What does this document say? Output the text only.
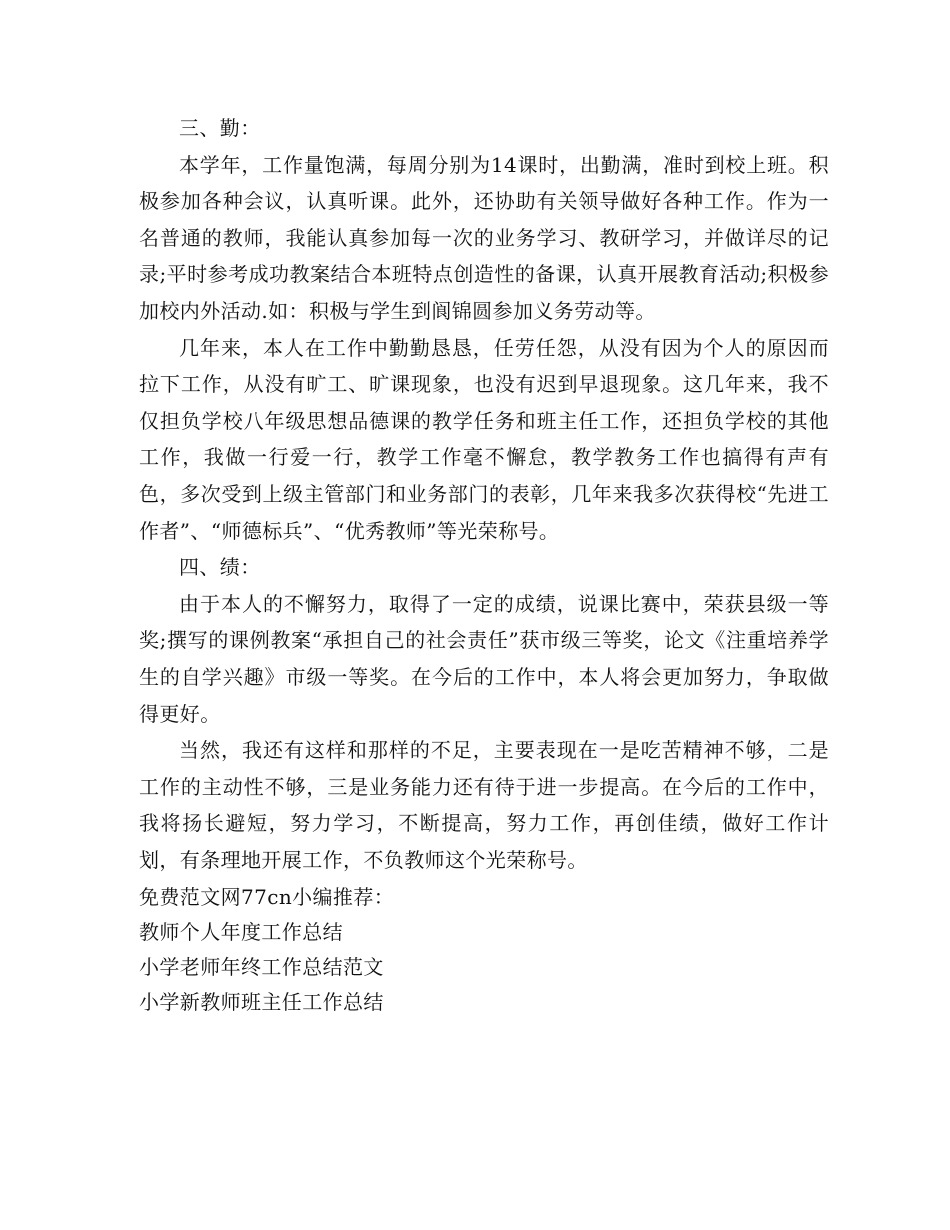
三、勤：

本学年，工作量饱满，每周分别为14课时，出勤满，准时到校上班。积极参加各种会议，认真听课。此外，还协助有关领导做好各种工作。作为一名普通的教师，我能认真参加每一次的业务学习、教研学习，并做详尽的记录;平时参考成功教案结合本班特点创造性的备课，认真开展教育活动;积极参加校内外活动.如：积极与学生到阆锦圆参加义务劳动等。

几年来，本人在工作中勤勤恳恳，任劳任怨，从没有因为个人的原因而拉下工作，从没有旷工、旷课现象，也没有迟到早退现象。这几年来，我不仅担负学校八年级思想品德课的教学任务和班主任工作，还担负学校的其他工作，我做一行爱一行，教学工作毫不懈怠，教学教务工作也搞得有声有色，多次受到上级主管部门和业务部门的表彰，几年来我多次获得校“先进工作者”、“师德标兵”、“优秀教师”等光荣称号。

四、绩：

由于本人的不懈努力，取得了一定的成绩，说课比赛中，荣获县级一等奖;撰写的课例教案“承担自己的社会责任”获市级三等奖，论文《注重培养学生的自学兴趣》市级一等奖。在今后的工作中，本人将会更加努力，争取做得更好。

当然，我还有这样和那样的不足，主要表现在一是吃苦精神不够，二是工作的主动性不够，三是业务能力还有待于进一步提高。在今后的工作中，我将扬长避短，努力学习，不断提高，努力工作，再创佳绩，做好工作计划，有条理地开展工作，不负教师这个光荣称号。

免费范文网77cn小编推荐：
教师个人年度工作总结
小学老师年终工作总结范文
小学新教师班主任工作总结
